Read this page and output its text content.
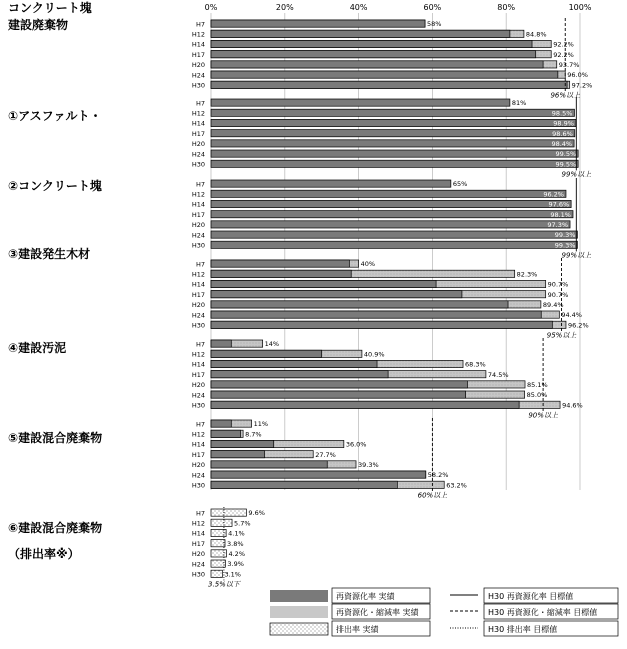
建設廃棄物
①アスファルト・
コンクリート塊
②コンクリート塊
③建設発生木材
④建設汚泥
⑤建設混合廃棄物
⑥建設混合廃棄物
（排出率※）
0%	20%	40%	60%	80%	100%
H7	58%
H12	84.8%
H14	92.2%
H17	92.2%
H20	93.7%
H24	96.0%
H30	97.2%
H7	81%
H12	98.5%
H14	98.9%
H17	98.6%
H20	98.4%
H24	99.5%
H30	99.5%
H7	65%
H12	96.2%
H14	97.6%
H17	98.1%
H20	97.3%
H24	99.3%
H30	99.3%
H7	40%
H12	82.3%
H14	90.7%
H17	90.7%
H20	89.4%
H24	94.4%
H30	96.2%
H7	14%
H12	40.9%
H14	68.3%
H17	74.5%
H20	85.1%
H24	85.0%
H30	94.6%
H7	11%
H12	8.7%
H14	36.0%
H17	27.7%
H20	39.3%
H24	58.2%
H30	63.2%
H7	9.6%
H12	5.7%
H14	4.1%
H17	3.8%
H20	4.2%
H24	3.9%
H30	3.1%
96%以上
99%以上
99%以上
95%以上
90%以上
60%以上
3.5%以下
再資源化率 実績
再資源化・縮減率 実績
排出率 実績
H30 再資源化率 目標値
H30 再資源化・縮減率 目標値
H30 排出率 目標値
